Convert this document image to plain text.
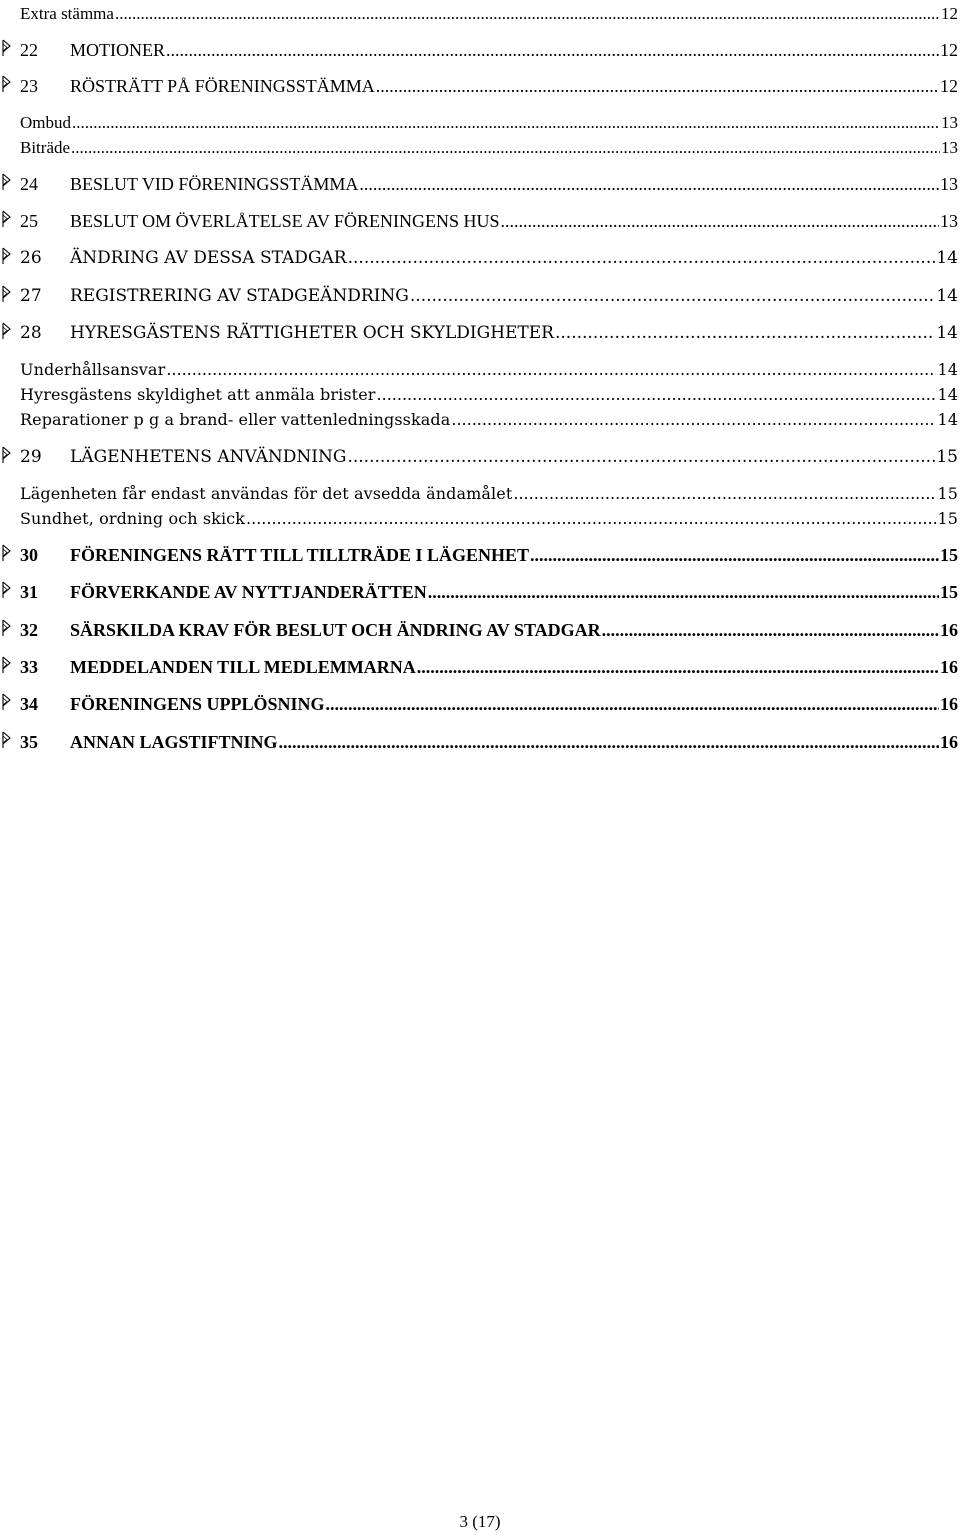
Extra stämma .....	12
22 MOTIONER .....	12
23 RÖSTRÄTT PÅ FÖRENINGSSTÄMMA .....	12
Ombud .....	13
Biträde .....	13
24 BESLUT VID FÖRENINGSSTÄMMA .....	13
25 BESLUT OM ÖVERLÅTELSE AV FÖRENINGENS HUS .....	13
26 ÄNDRING AV DESSA STADGAR .....	14
27 REGISTRERING AV STADGEÄNDRING .....	14
28 HYRESGÄSTENS RÄTTIGHETER OCH SKYLDIGHETER .....	14
Underhållsansvar .....	14
Hyresgästens skyldighet att anmäla brister .....	14
Reparationer p g a brand- eller vattenledningsskada .....	14
29 LÄGENHETENS ANVÄNDNING .....	15
Lägenheten får endast användas för det avsedda ändamålet .....	15
Sundhet, ordning och skick .....	15
30 FÖRENINGENS RÄTT TILL TILLTRÄDE I LÄGENHET .....	15
31 FÖRVERKANDE AV NYTTJANDERÄTTEN .....	15
32 SÄRSKILDA KRAV FÖR BESLUT OCH ÄNDRING AV STADGAR .....	16
33 MEDDELANDEN TILL MEDLEMMARNA .....	16
34 FÖRENINGENS UPPLÖSNING .....	16
35 ANNAN LAGSTIFTNING .....	16
3 (17)
